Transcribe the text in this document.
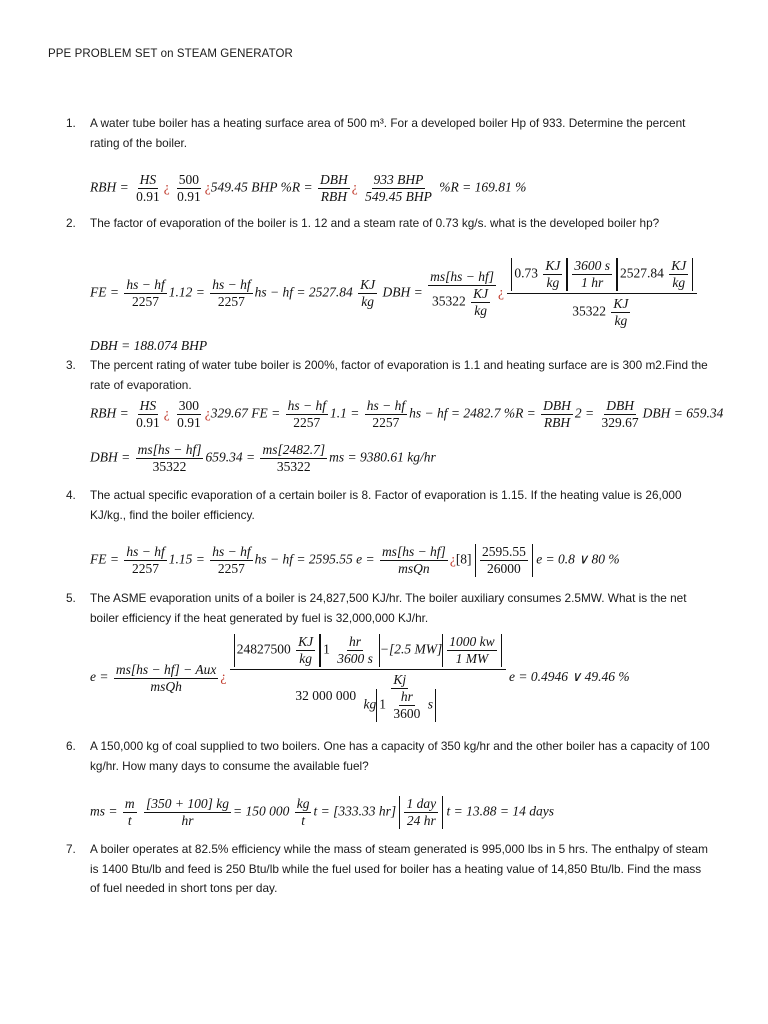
PPE PROBLEM SET on STEAM GENERATOR
1. A water tube boiler has a heating surface area of 500 m³. For a developed boiler Hp of 933. Determine the percent rating of the boiler.
RBH = $\frac{HS}{0.91}$ ¿ $\frac{500}{0.91}$ ¿549.45 BHP $\%R = \frac{\text{DBH}}{\text{RBH}}$ ¿ $\frac{\text{933 BHP}}{\text{549.45 BHP}} \%R = 169.81$ %
2. The factor of evaporation of the boiler is 1. 12 and a steam rate of 0.73 kg/s. what is the developed boiler hp?
FE = $\frac{hs - hf}{2257} 1.12 = \frac{hs - hf}{2257}$ hs − hf = $2527.84 \frac{KJ}{kg}$ DBH = $\frac{ms[hs - hf]}{35322 \frac{KJ}{kg}}$ ¿
$0.73 \frac{KJ}{kg} \frac{3600 s}{1 hr} 2527.84 \frac{KJ}{kg}$
$35322 \frac{KJ}{kg}$
DBH = 188.074 BHP
3. The percent rating of water tube boiler is 200%, factor of evaporation is 1.1 and heating surface are is 300 m2.Find the rate of evaporation.
RBH = $\frac{HS}{0.91}$ ¿ $\frac{300}{0.91}$ ¿329.67 FE = $\frac{hs - hf}{2257} 1.1 = \frac{hs - hf}{2257}$ hs − hf = 2482.7 $\%R = \frac{\text{DBH}}{\text{RBH}} 2 = \frac{\text{DBH}}{329.67}$ DBH = 659.34
DBH = $\frac{ms[hs - hf]}{35322} 659.34 = \frac{ms[2482.7]}{35322}$ ms = 9380.61 kg/hr
4. The actual specific evaporation of a certain boiler is 8. Factor of evaporation is 1.15. If the heating value is 26,000 KJ/kg., find the boiler efficiency.
FE = $\frac{hs - hf}{2257} 1.15 = \frac{hs - hf}{2257}$ hs − hf = 2595.55 $e = \frac{ms[hs - hf]}{\text{msQn}}$ ¿$[8] \frac{2595.55}{26000}$ e = 0.8 ∨ 80 %
5. The ASME evaporation units of a boiler is 24,827,500 KJ/hr. The boiler auxiliary consumes 2.5MW. What is the net boiler efficiency if the heat generated by fuel is 32,000,000 KJ/hr.
$e = \frac{\text{ms[hs − hf] − Aux}}{\text{msQh}}$ ¿
$24827500 \frac{KJ}{kg} 1 \frac{hr}{3600 s} -[2.5$ $MW] \frac{1000 kw}{1 MW}$
32 000 $000 \frac{Kj}{kg 1 \frac{hr}{3600} s}$	e = 0.4946 ∨ 49.46 %
6. A 150,000 kg of coal supplied to two boilers. One has a capacity of 350 kg/hr and the other boiler has a capacity of 100 kg/hr. How many days to consume the available fuel?
ms = $\frac{m}{t}$
$\frac{[350 + 100] kg}{hr} = 150$ $000 \frac{kg}{t}$ t = [333.33 $hr] \frac{\text{1 day}}{24 hr}$ t = 13.88 = 14 days
7. A boiler operates at 82.5% efficiency while the mass of steam generated is 995,000 lbs in 5 hrs. The enthalpy of steam is 1400 Btu/lb and feed is 250 Btu/lb while the fuel used for boiler has a heating value of 14,850 Btu/lb. Find the mass of fuel needed in short tons per day.
